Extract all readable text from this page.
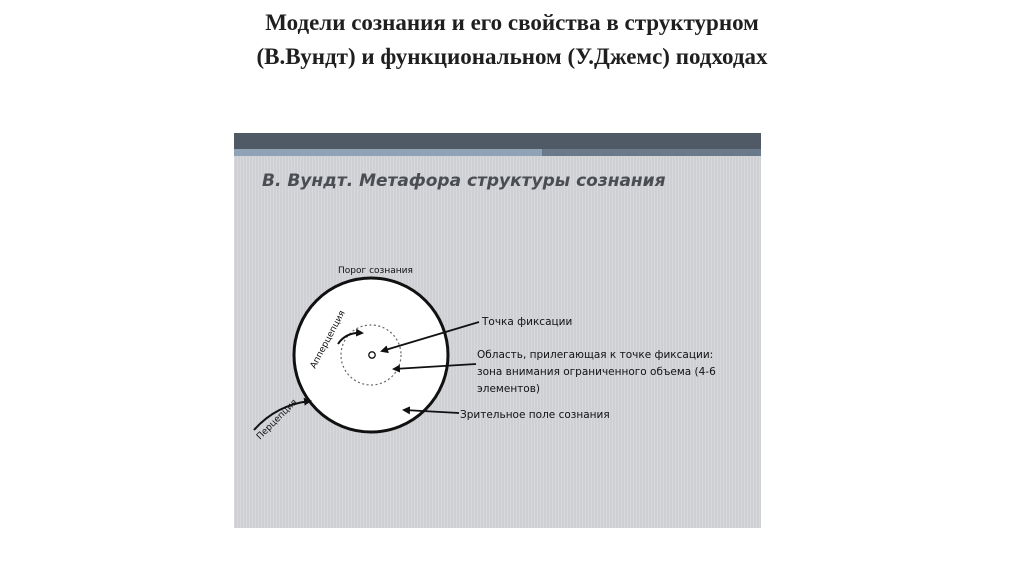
Модели сознания и его свойства в структурном
(В.Вундт) и функциональном (У.Джемс) подходах
В. Вундт. Метафора структуры сознания
Порог сознания
Апперцепция
Перцепция
Точка фиксации
Область, прилегающая к точке фиксации:
зона внимания ограниченного объема (4-6
элементов)
Зрительное поле сознания
